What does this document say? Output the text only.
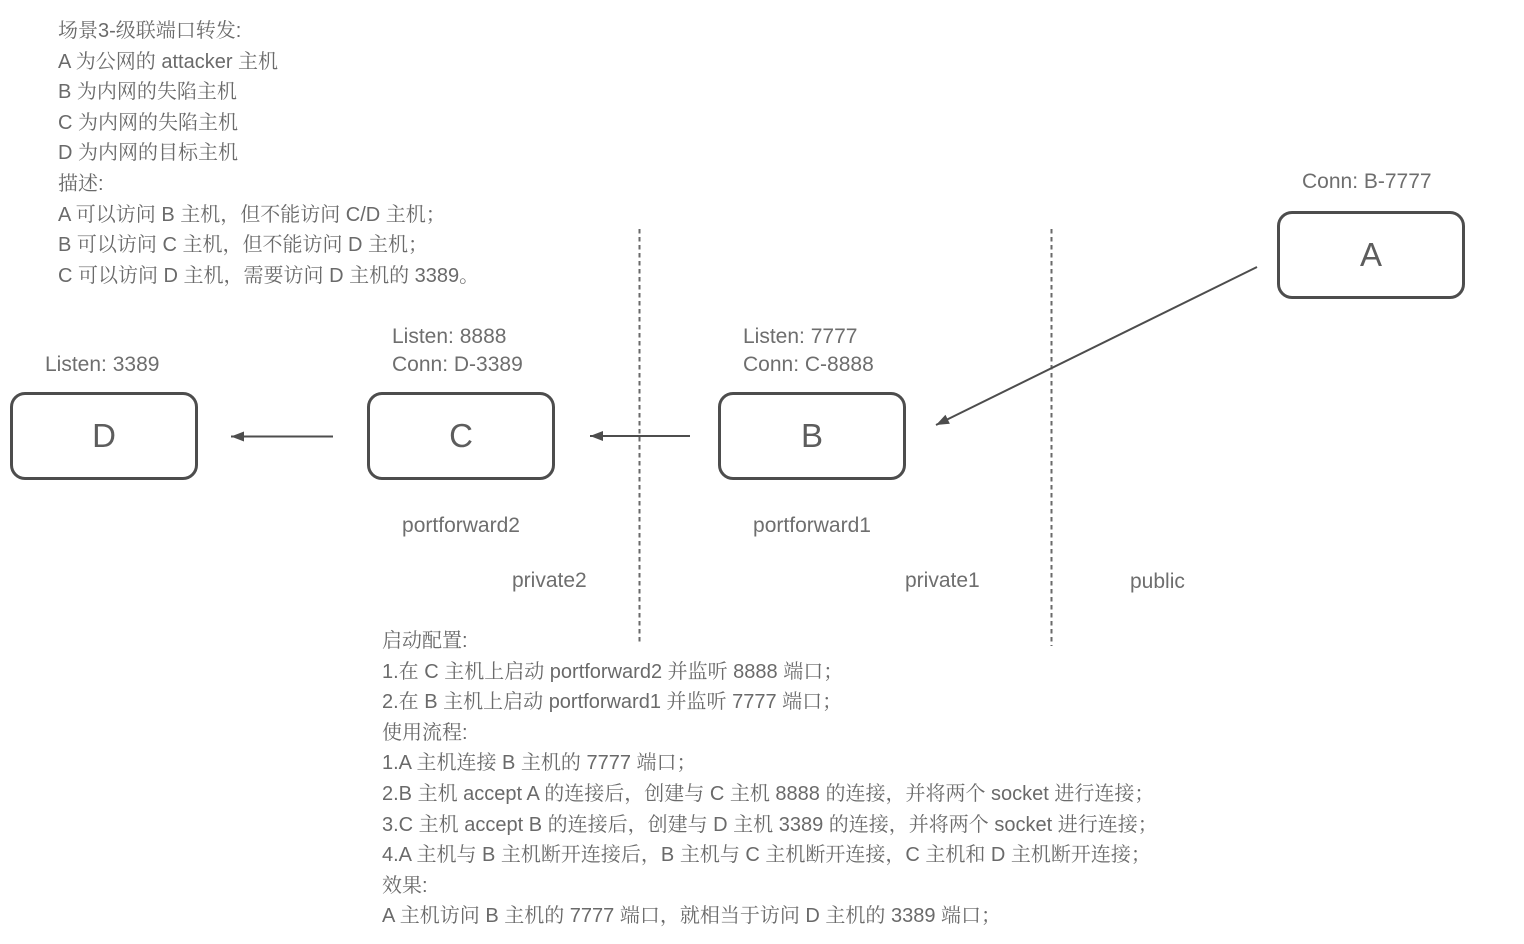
场景3-级联端口转发:
A 为公网的 attacker 主机
B 为内网的失陷主机
C 为内网的失陷主机
D 为内网的目标主机
描述:
A 可以访问 B 主机，但不能访问 C/D 主机；
B 可以访问 C 主机，但不能访问 D 主机；
C 可以访问 D 主机，需要访问 D 主机的 3389。
Listen: 3389
Listen: 8888
Conn: D-3389
Listen: 7777
Conn: C-8888
Conn: B-7777
D	C	B
A
portforward2	portforward1
private2	private1	public
启动配置:
1.在 C 主机上启动 portforward2 并监听 8888 端口；
2.在 B 主机上启动 portforward1 并监听 7777 端口；
使用流程:
1.A 主机连接 B 主机的 7777 端口；
2.B 主机 accept A 的连接后，创建与 C 主机 8888 的连接，并将两个 socket 进行连接；
3.C 主机 accept B 的连接后，创建与 D 主机 3389 的连接，并将两个 socket 进行连接；
4.A 主机与 B 主机断开连接后，B 主机与 C 主机断开连接，C 主机和 D 主机断开连接；
效果:
A 主机访问 B 主机的 7777 端口，就相当于访问 D 主机的 3389 端口；
